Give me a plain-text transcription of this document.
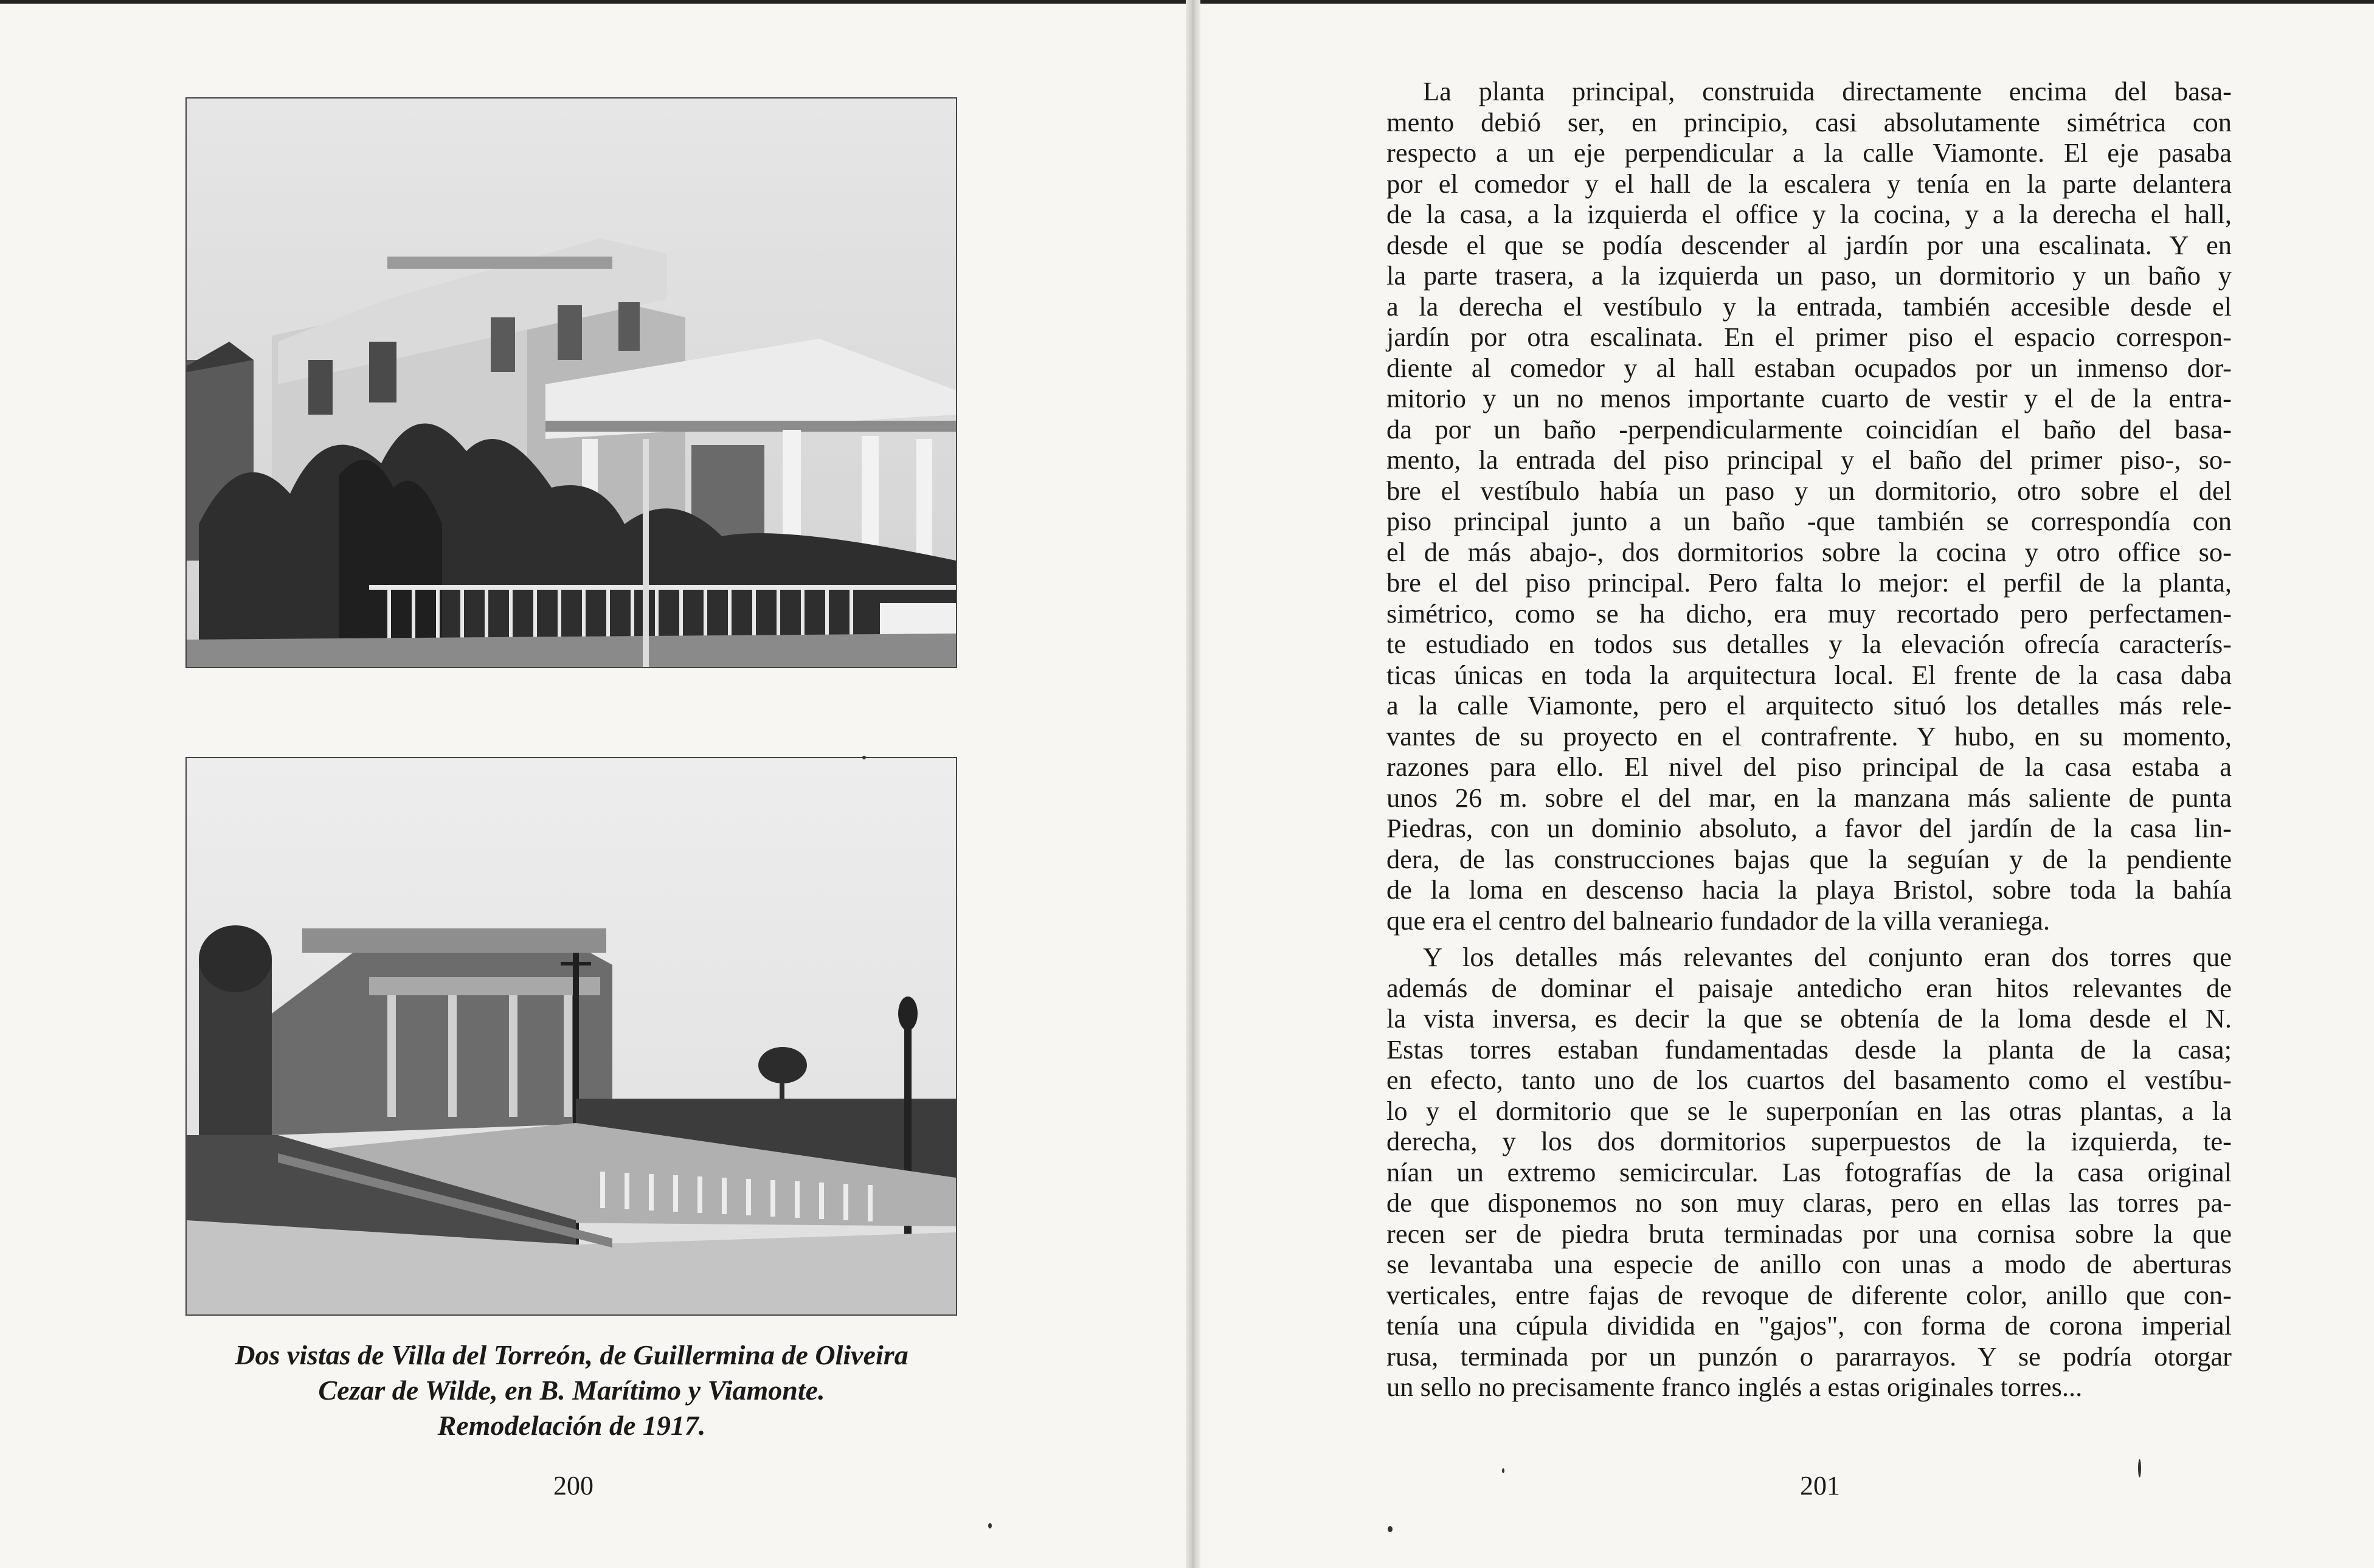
Dos vistas de Villa del Torreón, de Guillermina de Oliveira
Cezar de Wilde, en B. Marítimo y Viamonte.
Remodelación de 1917.
200	201

La planta principal, construida directamente encima del basa-
mento debió ser, en principio, casi absolutamente simétrica con
respecto a un eje perpendicular a la calle Viamonte. El eje pasaba
por el comedor y el hall de la escalera y tenía en la parte delantera
de la casa, a la izquierda el office y la cocina, y a la derecha el hall,
desde el que se podía descender al jardín por una escalinata. Y en
la parte trasera, a la izquierda un paso, un dormitorio y un baño y
a la derecha el vestíbulo y la entrada, también accesible desde el
jardín por otra escalinata. En el primer piso el espacio correspon-
diente al comedor y al hall estaban ocupados por un inmenso dor-
mitorio y un no menos importante cuarto de vestir y el de la entra-
da por un baño -perpendicularmente coincidían el baño del basa-
mento, la entrada del piso principal y el baño del primer piso-, so-
bre el vestíbulo había un paso y un dormitorio, otro sobre el del
piso principal junto a un baño -que también se correspondía con
el de más abajo-, dos dormitorios sobre la cocina y otro office so-
bre el del piso principal. Pero falta lo mejor: el perfil de la planta,
simétrico, como se ha dicho, era muy recortado pero perfectamen-
te estudiado en todos sus detalles y la elevación ofrecía caracterís-
ticas únicas en toda la arquitectura local. El frente de la casa daba
a la calle Viamonte, pero el arquitecto situó los detalles más rele-
vantes de su proyecto en el contrafrente. Y hubo, en su momento,
razones para ello. El nivel del piso principal de la casa estaba a
unos 26 m. sobre el del mar, en la manzana más saliente de punta
Piedras, con un dominio absoluto, a favor del jardín de la casa lin-
dera, de las construcciones bajas que la seguían y de la pendiente
de la loma en descenso hacia la playa Bristol, sobre toda la bahía
que era el centro del balneario fundador de la villa veraniega.

Y los detalles más relevantes del conjunto eran dos torres que
además de dominar el paisaje antedicho eran hitos relevantes de
la vista inversa, es decir la que se obtenía de la loma desde el N.
Estas torres estaban fundamentadas desde la planta de la casa;
en efecto, tanto uno de los cuartos del basamento como el vestíbu-
lo y el dormitorio que se le superponían en las otras plantas, a la
derecha, y los dos dormitorios superpuestos de la izquierda, te-
nían un extremo semicircular. Las fotografías de la casa original
de que disponemos no son muy claras, pero en ellas las torres pa-
recen ser de piedra bruta terminadas por una cornisa sobre la que
se levantaba una especie de anillo con unas a modo de aberturas
verticales, entre fajas de revoque de diferente color, anillo que con-
tenía una cúpula dividida en "gajos", con forma de corona imperial
rusa, terminada por un punzón o pararrayos. Y se podría otorgar
un sello no precisamente franco inglés a estas originales torres...
